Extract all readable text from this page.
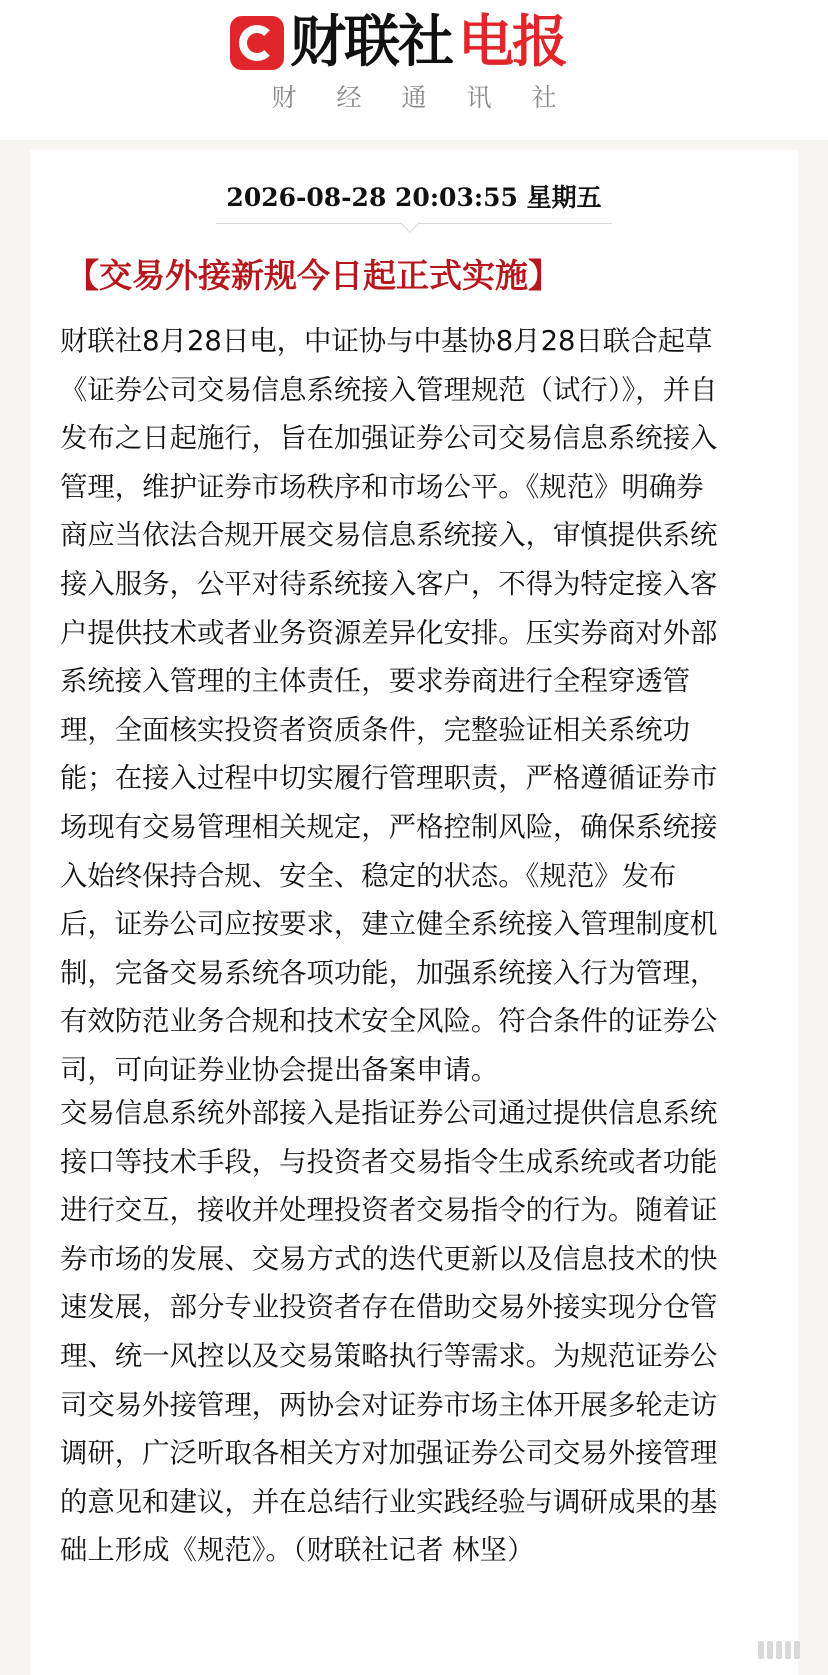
财联社 电报
财经通讯社
2026-08-28 20:03:55 星期五
【交易外接新规今日起正式实施】

财联社8月28日电，中证协与中基协8月28日联合起草《证券公司交易信息系统接入管理规范（试行）》，并自发布之日起施行，旨在加强证券公司交易信息系统接入管理，维护证券市场秩序和市场公平。《规范》明确券商应当依法合规开展交易信息系统接入，审慎提供系统接入服务，公平对待系统接入客户，不得为特定接入客户提供技术或者业务资源差异化安排。压实券商对外部系统接入管理的主体责任，要求券商进行全程穿透管理，全面核实投资者资质条件，完整验证相关系统功能；在接入过程中切实履行管理职责，严格遵循证券市场现有交易管理相关规定，严格控制风险，确保系统接入始终保持合规、安全、稳定的状态。《规范》发布后，证券公司应按要求，建立健全系统接入管理制度机制，完备交易系统各项功能，加强系统接入行为管理，有效防范业务合规和技术安全风险。符合条件的证券公司，可向证券业协会提出备案申请。

交易信息系统外部接入是指证券公司通过提供信息系统接口等技术手段，与投资者交易指令生成系统或者功能进行交互，接收并处理投资者交易指令的行为。随着证券市场的发展、交易方式的迭代更新以及信息技术的快速发展，部分专业投资者存在借助交易外接实现分仓管理、统一风控以及交易策略执行等需求。为规范证券公司交易外接管理，两协会对证券市场主体开展多轮走访调研，广泛听取各相关方对加强证券公司交易外接管理的意见和建议，并在总结行业实践经验与调研成果的基础上形成《规范》。（财联社记者 林坚）
